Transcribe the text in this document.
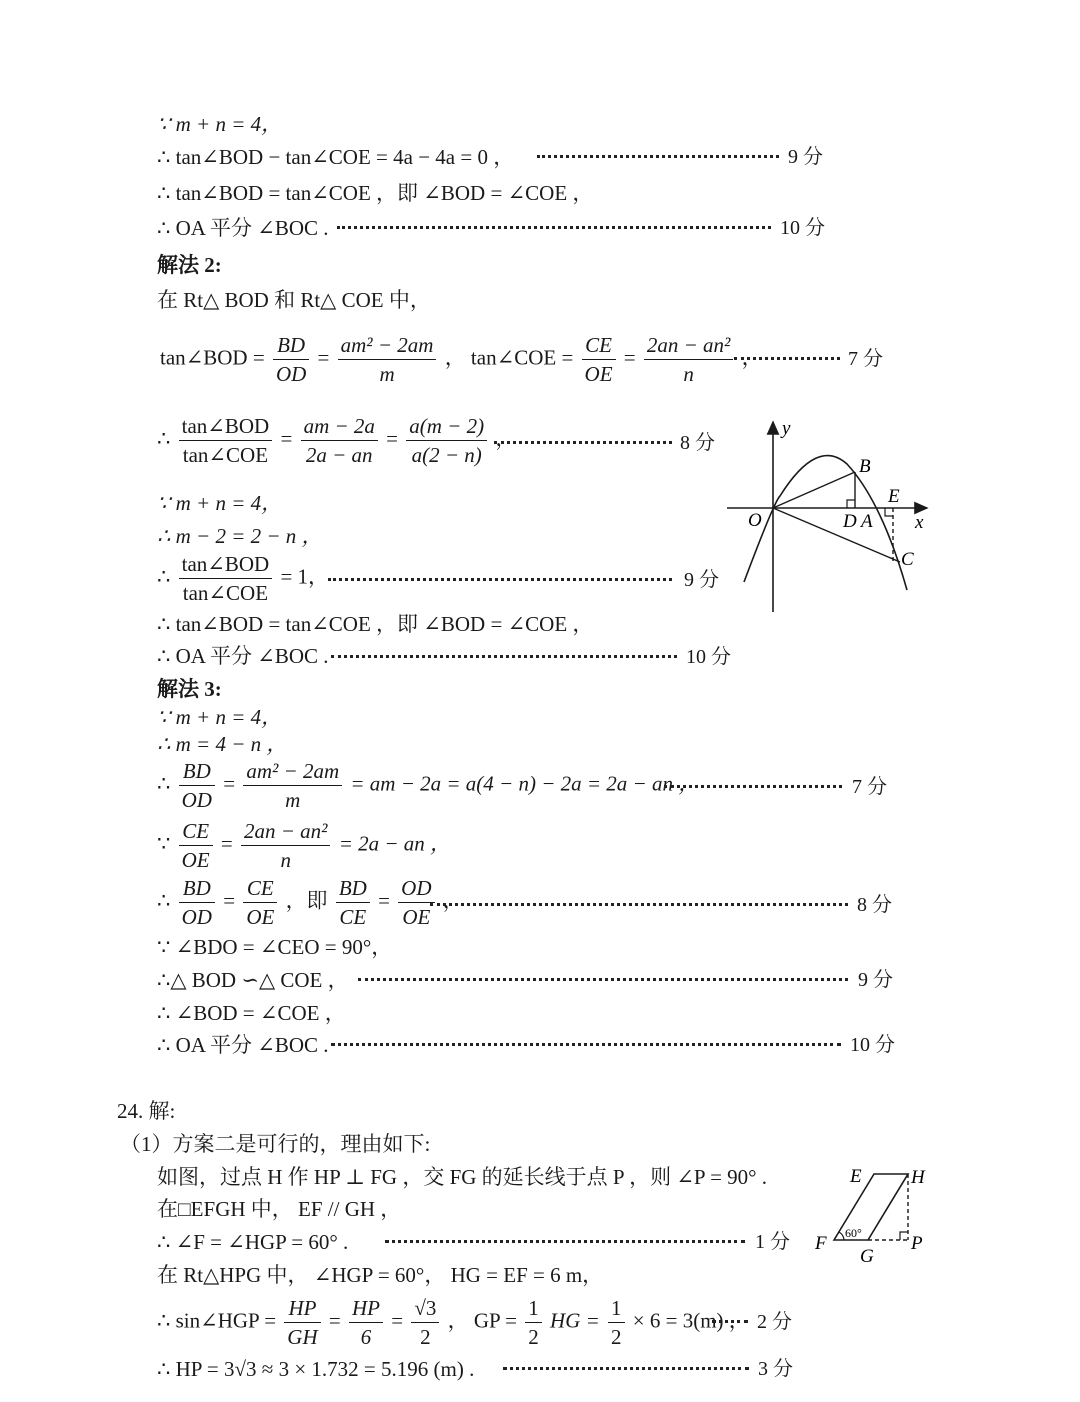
∵ m + n = 4，
∴ tan∠BOD − tan∠COE = 4a − 4a = 0 ，	9 分
∴ tan∠BOD = tan∠COE ，即 ∠BOD = ∠COE ，
∴ OA 平分 ∠BOC .	10 分
解法 2:
在 Rt△ BOD 和 Rt△ COE 中，
tan∠BOD = $\frac{BD}{OD} = \frac{\text{am² − 2am}}{m}$ ， tan∠COE = $\frac{CE}{OE} = \frac{\text{2an − an²}}{n}$ ，	7 分
∴
tan∠BOD
tan∠COE
= $\frac{am - 2a}{2a - an} = \frac{a(m - 2)}{a(2 - n)}$ ，	8 分
∵ m + n = 4，
∴ m − 2 = 2 − n ，
∴
tan∠BOD
tan∠COE
= 1，	9 分
∴ tan∠BOD = tan∠COE ，即 ∠BOD = ∠COE ，
∴ OA 平分 ∠BOC .	10 分
y
x
O
B
E
D A
C
解法 3:
∵ m + n = 4，
∴ m = 4 − n ，
∴ $\frac{BD}{OD} = \frac{\text{am² − 2am}}{m}$ = am − 2a = a(4 − n) − 2a = 2a − an ，	7 分
∵ $\frac{CE}{OE} = \frac{\text{2an − an²}}{n} = 2a$ − an ，
∴ $\frac{BD}{OD} = \frac{CE}{OE}$ ，即 $\frac{BD}{CE} = \frac{OD}{OE}$ ，	8 分
∵ ∠BDO = ∠CEO = 90°，
∴△ BOD ∽△ COE ，	9 分
∴ ∠BOD = ∠COE ，
∴ OA 平分 ∠BOC .	10 分
24. 解:
（1）方案二是可行的，理由如下:
如图，过点 H 作 HP ⊥ FG ，交 FG 的延长线于点 P ，则 ∠P = 90° .
在□EFGH 中， EF // GH ，
∴ ∠F = ∠HGP = 60° .	1 分
在 Rt△HPG 中， ∠HGP = 60°， HG = EF = 6 m，
∴ sin∠HGP = $\frac{HP}{GH} = \frac{HP}{6} = \frac{√3}{2}$ ， GP = $\frac{1}{2}$ HG = $\frac{1}{2} \times 6 = 3(m)$ ， 2 分
∴ HP = 3√3 ≈ 3 × 1.732 = 5.196 (m) .	3 分
E	H
F
G
P
60°
